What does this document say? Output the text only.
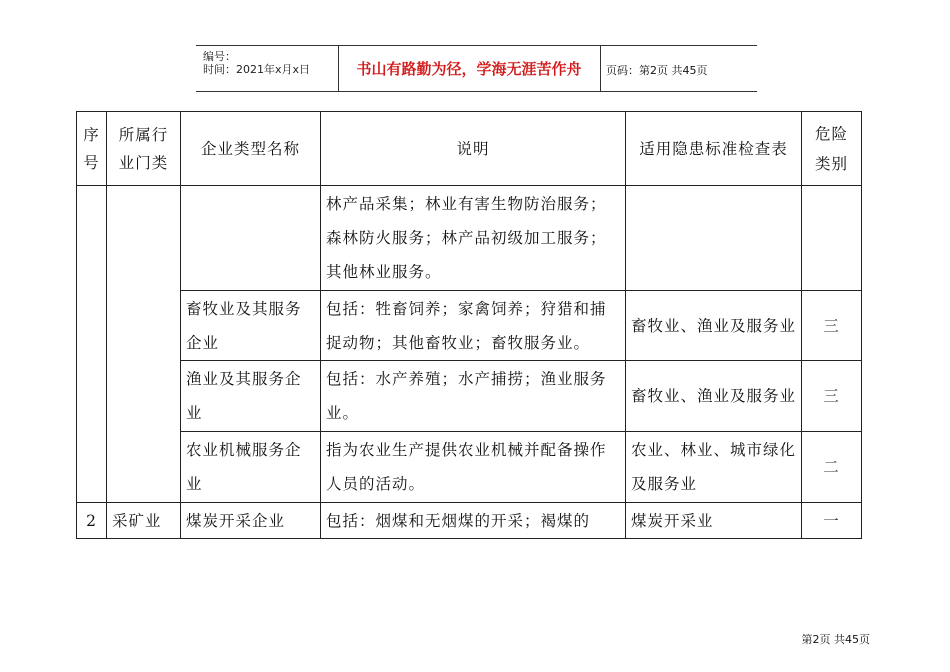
编号：
时间：2021年x月x日	书山有路勤为径，学海无涯苦作舟	页码：第2页 共45页
序号	所属行业门类	企业类型名称	说明	适用隐患标准检查表	危险类别

			林产品采集；林业有害生物防治服务；森林防火服务；林产品初级加工服务；其他林业服务。		
		畜牧业及其服务企业	包括：牲畜饲养；家禽饲养；狩猎和捕捉动物；其他畜牧业；畜牧服务业。	畜牧业、渔业及服务业	三
		渔业及其服务企业	包括：水产养殖；水产捕捞；渔业服务业。	畜牧业、渔业及服务业	三
		农业机械服务企业	指为农业生产提供农业机械并配备操作人员的活动。	农业、林业、城市绿化及服务业	二
2	采矿业	煤炭开采企业	包括：烟煤和无烟煤的开采；褐煤的	煤炭开采业	一
第2页 共45页
